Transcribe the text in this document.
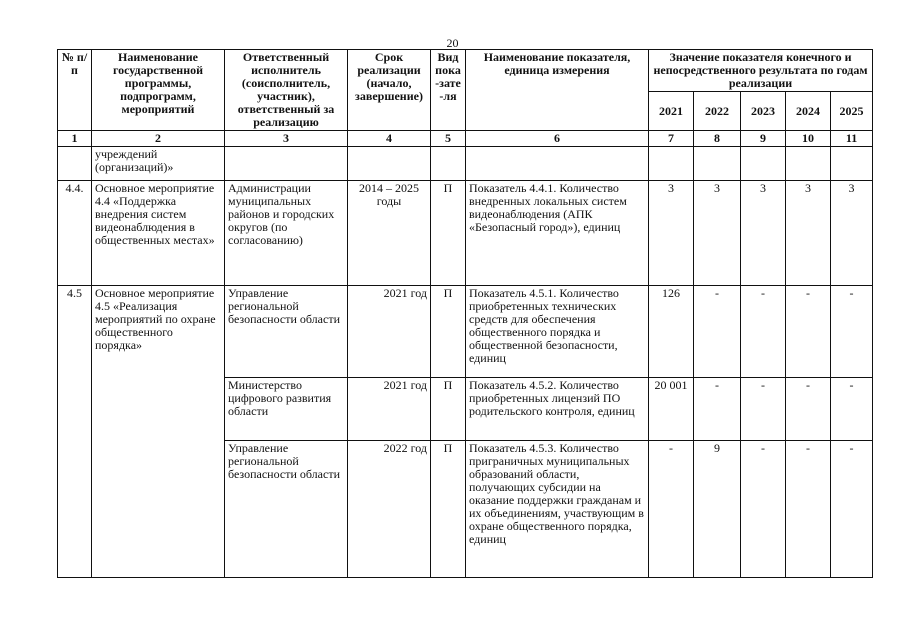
20
№ п/п	Наименование государственной программы, подпрограмм, мероприятий	Ответственный исполнитель (соисполнитель, участник), ответственный за реализацию	Срок реализации (начало, завершение)	Вид пока-зате-ля	Наименование показателя, единица измерения	Значение показателя конечного и непосредственного результата по годам реализации				
						2021	2022	2023	2024	2025
1	2	3	4	5	6	7	8	9	10	11
	учреждений (организаций)»									
4.4.	Основное мероприятие 4.4 «Поддержка внедрения систем видеонаблюдения в общественных местах»	Администрации муниципальных районов и городских округов (по согласованию)	2014 – 2025 годы	П	Показатель 4.4.1. Количество внедренных локальных систем видеонаблюдения (АПК «Безопасный город»), единиц	3	3	3	3	3
4.5	Основное мероприятие 4.5 «Реализация мероприятий по охране общественного порядка»	Управление региональной безопасности области	2021 год	П	Показатель 4.5.1. Количество приобретенных технических средств для обеспечения общественного порядка и общественной безопасности, единиц	126	-	-	-	-
		Министерство цифрового развития области	2021 год	П	Показатель 4.5.2. Количество приобретенных лицензий ПО родительского контроля, единиц	20 001	-	-	-	-
		Управление региональной безопасности области	2022 год	П	Показатель 4.5.3. Количество приграничных муниципальных образований области, получающих субсидии на оказание поддержки гражданам и их объединениям, участвующим в охране общественного порядка, единиц	-	9	-	-	-
